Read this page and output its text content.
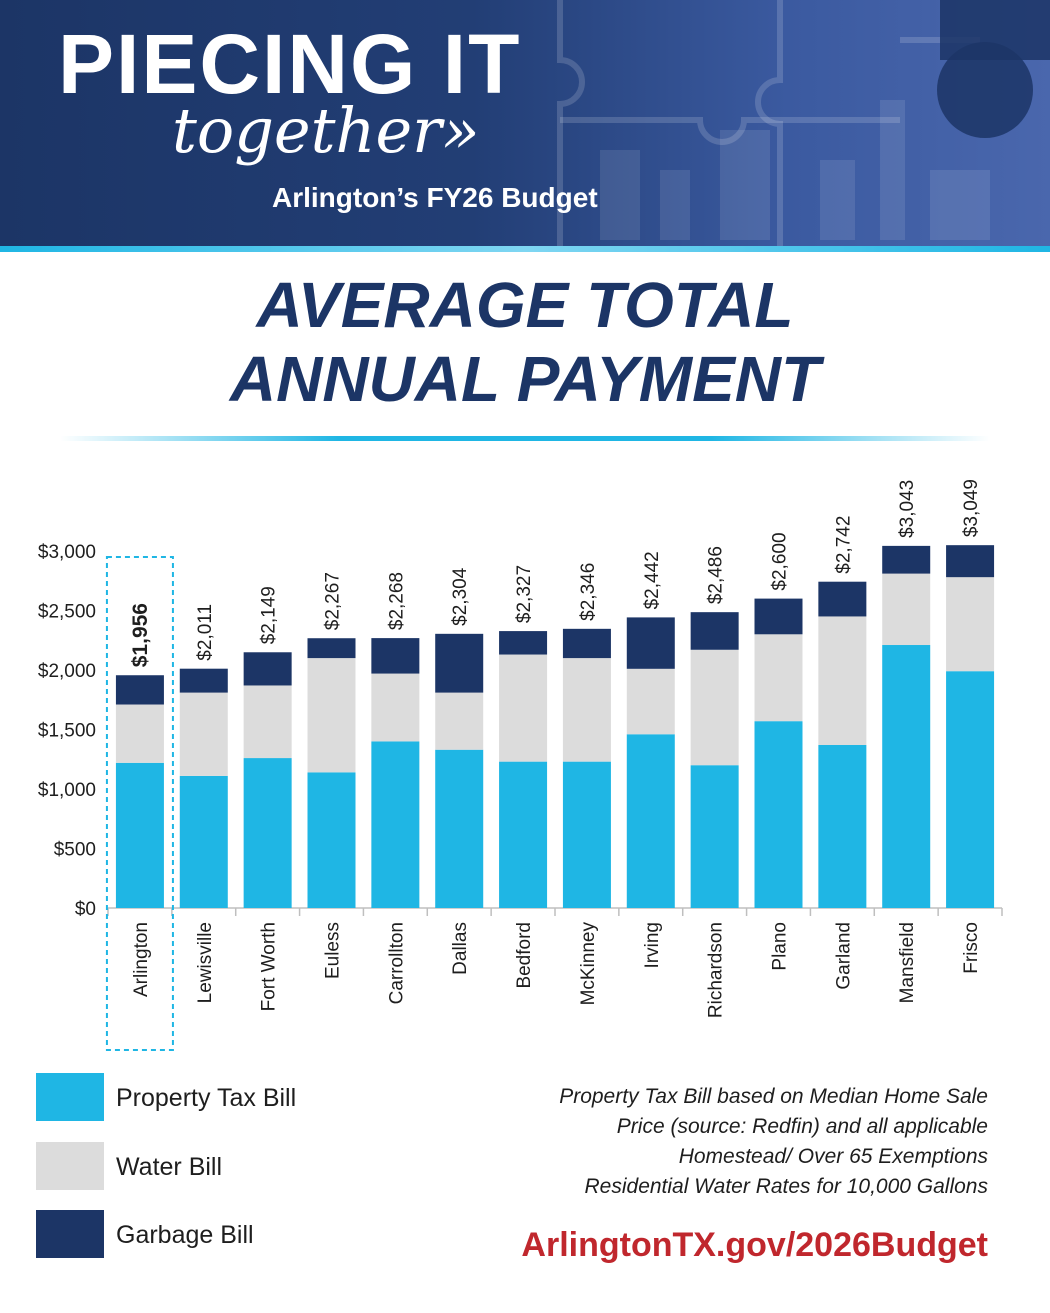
PIECING IT
together»
Arlington’s FY26 Budget
AVERAGE TOTAL
ANNUAL PAYMENT
$0
$500
$1,000
$1,500
$2,000
$2,500
$3,000
$1,956
Arlington
$2,011
Lewisville
$2,149
Fort Worth
$2,267
Euless
$2,268
Carrollton
$2,304
Dallas
$2,327
Bedford
$2,346
McKinney
$2,442
Irving
$2,486
Richardson
$2,600
Plano
$2,742
Garland
$3,043
Mansfield
$3,049
Frisco
Property Tax Bill
Water Bill
Garbage Bill
Property Tax Bill based on Median Home Sale
Price (source: Redfin) and all applicable
Homestead/ Over 65 Exemptions
Residential Water Rates for 10,000 Gallons
ArlingtonTX.gov/2026Budget
